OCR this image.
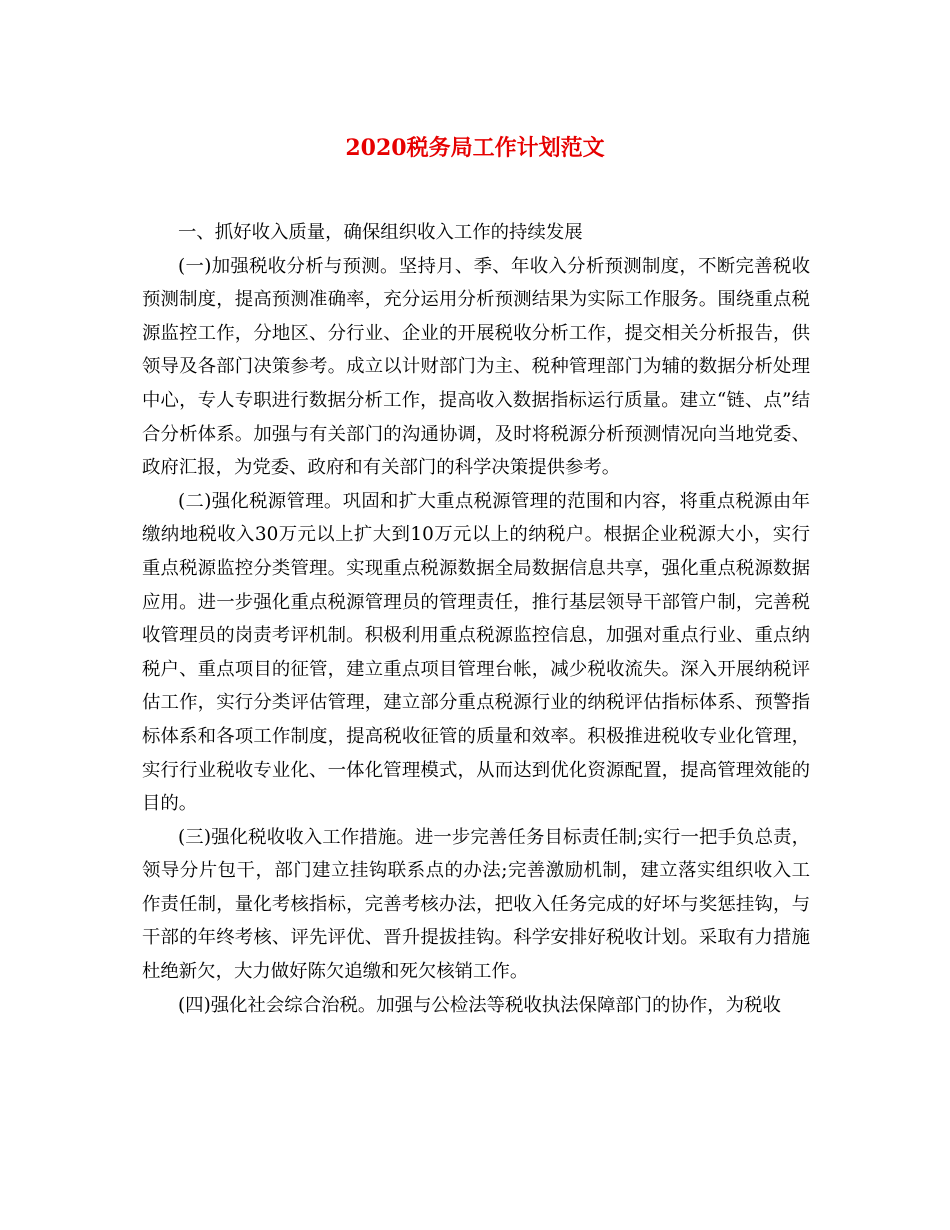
2020税务局工作计划范文

一、抓好收入质量，确保组织收入工作的持续发展

(一)加强税收分析与预测。坚持月、季、年收入分析预测制度，不断完善税收预测制度，提高预测准确率，充分运用分析预测结果为实际工作服务。围绕重点税源监控工作，分地区、分行业、企业的开展税收分析工作，提交相关分析报告，供领导及各部门决策参考。成立以计财部门为主、税种管理部门为辅的数据分析处理中心，专人专职进行数据分析工作，提高收入数据指标运行质量。建立“链、点”结合分析体系。加强与有关部门的沟通协调，及时将税源分析预测情况向当地党委、政府汇报，为党委、政府和有关部门的科学决策提供参考。

(二)强化税源管理。巩固和扩大重点税源管理的范围和内容，将重点税源由年缴纳地税收入30万元以上扩大到10万元以上的纳税户。根据企业税源大小，实行重点税源监控分类管理。实现重点税源数据全局数据信息共享，强化重点税源数据应用。进一步强化重点税源管理员的管理责任，推行基层领导干部管户制，完善税收管理员的岗责考评机制。积极利用重点税源监控信息，加强对重点行业、重点纳税户、重点项目的征管，建立重点项目管理台帐，减少税收流失。深入开展纳税评估工作，实行分类评估管理，建立部分重点税源行业的纳税评估指标体系、预警指标体系和各项工作制度，提高税收征管的质量和效率。积极推进税收专业化管理，实行行业税收专业化、一体化管理模式，从而达到优化资源配置，提高管理效能的目的。

(三)强化税收收入工作措施。进一步完善任务目标责任制;实行一把手负总责，领导分片包干，部门建立挂钩联系点的办法;完善激励机制，建立落实组织收入工作责任制，量化考核指标，完善考核办法，把收入任务完成的好坏与奖惩挂钩，与干部的年终考核、评先评优、晋升提拔挂钩。科学安排好税收计划。采取有力措施杜绝新欠，大力做好陈欠追缴和死欠核销工作。

(四)强化社会综合治税。加强与公检法等税收执法保障部门的协作，为税收
